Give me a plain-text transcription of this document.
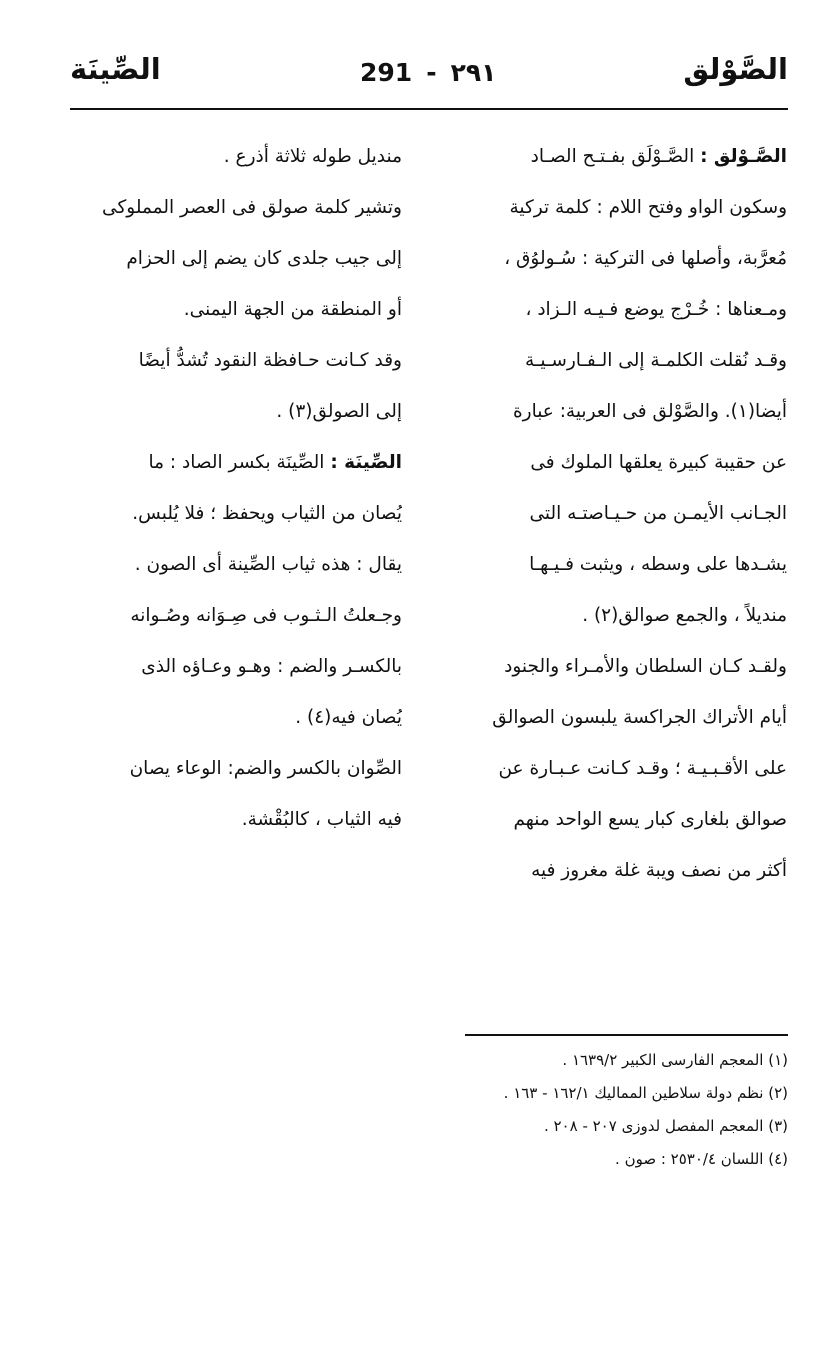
الصَّوْلق
291 - ٢٩١
الصِّينَة
الصَّـوْلق : الصَّـوْلَق بفـتـح الصـاد
وسكون الواو وفتح اللام : كلمة تركية
مُعرَّبة، وأصلها فى التركية : سُـولوُق ،
ومـعناها : خُـرْج يوضع فـيـه الـزاد ،
وقـد نُقلت الكلمـة إلى الـفـارسـيـة
أيضا(١). والصَّوْلق فى العربية: عبارة
عن حقيبة كبيرة يعلقها الملوك فى
الجـانب الأيمـن من حـيـاصتـه التى
يشـدها على وسطه ، ويثبت فـيـهـا
منديلاً ، والجمع صوالق(٢) .
ولقـد كـان السلطان والأمـراء والجنود
أيام الأتراك الجراكسة يلبسون الصوالق
على الأقـبـيـة ؛ وقـد كـانت عـبـارة عن
صوالق بلغارى كبار يسع الواحد منهم
أكثر من نصف ويبة غلة مغروز فيه
منديل طوله ثلاثة أذرع .
وتشير كلمة صولق فى العصر المملوكى
إلى جيب جلدى كان يضم إلى الحزام
أو المنطقة من الجهة اليمنى.
وقد كـانت حـافظة النقود تُشدُّ أيضًا
إلى الصولق(٣) .
الصِّينَة : الصِّينَة بكسر الصاد : ما
يُصان من الثياب ويحفظ ؛ فلا يُلبس.
يقال : هذه ثياب الصِّينة أى الصون .
وجـعلتُ الـثـوب فى صِـوَانه وصُـوانه
بالكسـر والضم : وهـو وعـاؤه الذى
يُصان فيه(٤) .
الصِّوان بالكسر والضم: الوعاء يصان
فيه الثياب ، كالبُقْشة.
(١) المعجم الفارسى الكبير ١٦٣٩/٢ .
(٢) نظم دولة سلاطين المماليك ١٦٢/١ - ١٦٣ .
(٣) المعجم المفصل لدوزى ٢٠٧ - ٢٠٨ .
(٤) اللسان ٢٥٣٠/٤ : صون .
